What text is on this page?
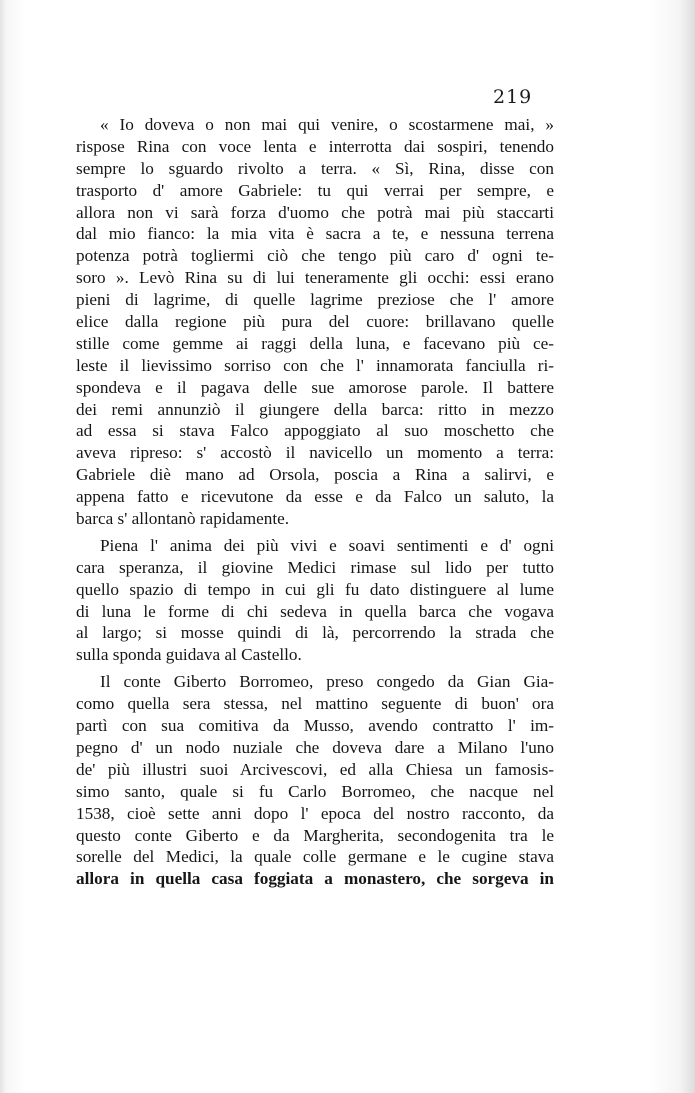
219
« Io doveva o non mai qui venire, o scostarmene mai, »
rispose Rina con voce lenta e interrotta dai sospiri, tenendo
sempre lo sguardo rivolto a terra. « Sì, Rina, disse con
trasporto d' amore Gabriele: tu qui verrai per sempre, e
allora non vi sarà forza d'uomo che potrà mai più staccarti
dal mio fianco: la mia vita è sacra a te, e nessuna terrena
potenza potrà togliermi ciò che tengo più caro d' ogni te-
soro ». Levò Rina su di lui teneramente gli occhi: essi erano
pieni di lagrime, di quelle lagrime preziose che l' amore
elice dalla regione più pura del cuore: brillavano quelle
stille come gemme ai raggi della luna, e facevano più ce-
leste il lievissimo sorriso con che l' innamorata fanciulla ri-
spondeva e il pagava delle sue amorose parole. Il battere
dei remi annunziò il giungere della barca: ritto in mezzo
ad essa si stava Falco appoggiato al suo moschetto che
aveva ripreso: s' accostò il navicello un momento a terra:
Gabriele diè mano ad Orsola, poscia a Rina a salirvi, e
appena fatto e ricevutone da esse e da Falco un saluto, la
barca s' allontanò rapidamente.
Piena l' anima dei più vivi e soavi sentimenti e d' ogni
cara speranza, il giovine Medici rimase sul lido per tutto
quello spazio di tempo in cui gli fu dato distinguere al lume
di luna le forme di chi sedeva in quella barca che vogava
al largo; si mosse quindi di là, percorrendo la strada che
sulla sponda guidava al Castello.
Il conte Giberto Borromeo, preso congedo da Gian Gia-
como quella sera stessa, nel mattino seguente di buon' ora
partì con sua comitiva da Musso, avendo contratto l' im-
pegno d' un nodo nuziale che doveva dare a Milano l'uno
de' più illustri suoi Arcivescovi, ed alla Chiesa un famosis-
simo santo, quale si fu Carlo Borromeo, che nacque nel
1538, cioè sette anni dopo l' epoca del nostro racconto, da
questo conte Giberto e da Margherita, secondogenita tra le
sorelle del Medici, la quale colle germane e le cugine stava
allora in quella casa foggiata a monastero, che sorgeva in
